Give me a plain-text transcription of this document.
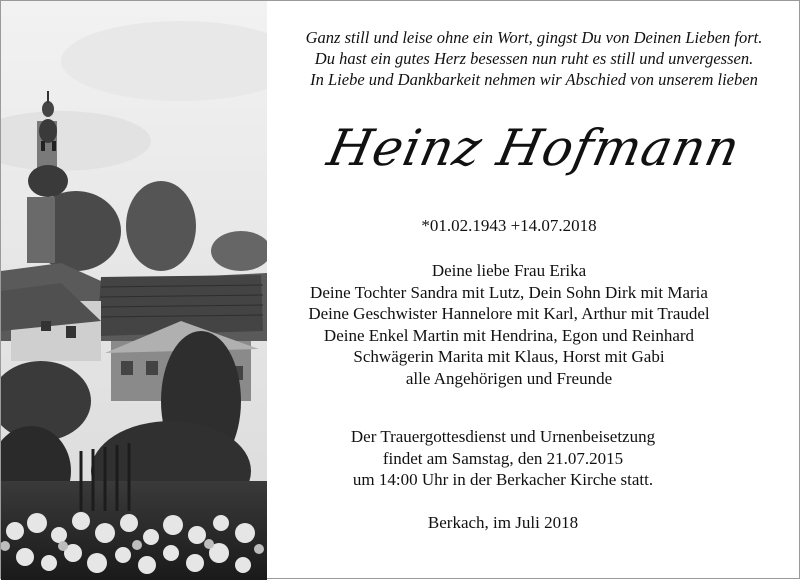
Ganz still und leise ohne ein Wort, gingst Du von Deinen Lieben fort.
Du hast ein gutes Herz besessen nun ruht es still und unvergessen.
In Liebe und Dankbarkeit nehmen wir Abschied von unserem lieben
Heinz Hofmann
*01.02.1943 +14.07.2018
Deine liebe Frau Erika
Deine Tochter Sandra mit Lutz, Dein Sohn Dirk mit Maria
Deine Geschwister Hannelore mit Karl, Arthur mit Traudel
Deine Enkel Martin mit Hendrina, Egon und Reinhard
Schwägerin Marita mit Klaus, Horst mit Gabi
alle Angehörigen und Freunde
Der Trauergottesdienst und Urnenbeisetzung
findet am Samstag, den 21.07.2015
um 14:00 Uhr in der Berkacher Kirche statt.
Berkach, im Juli 2018
